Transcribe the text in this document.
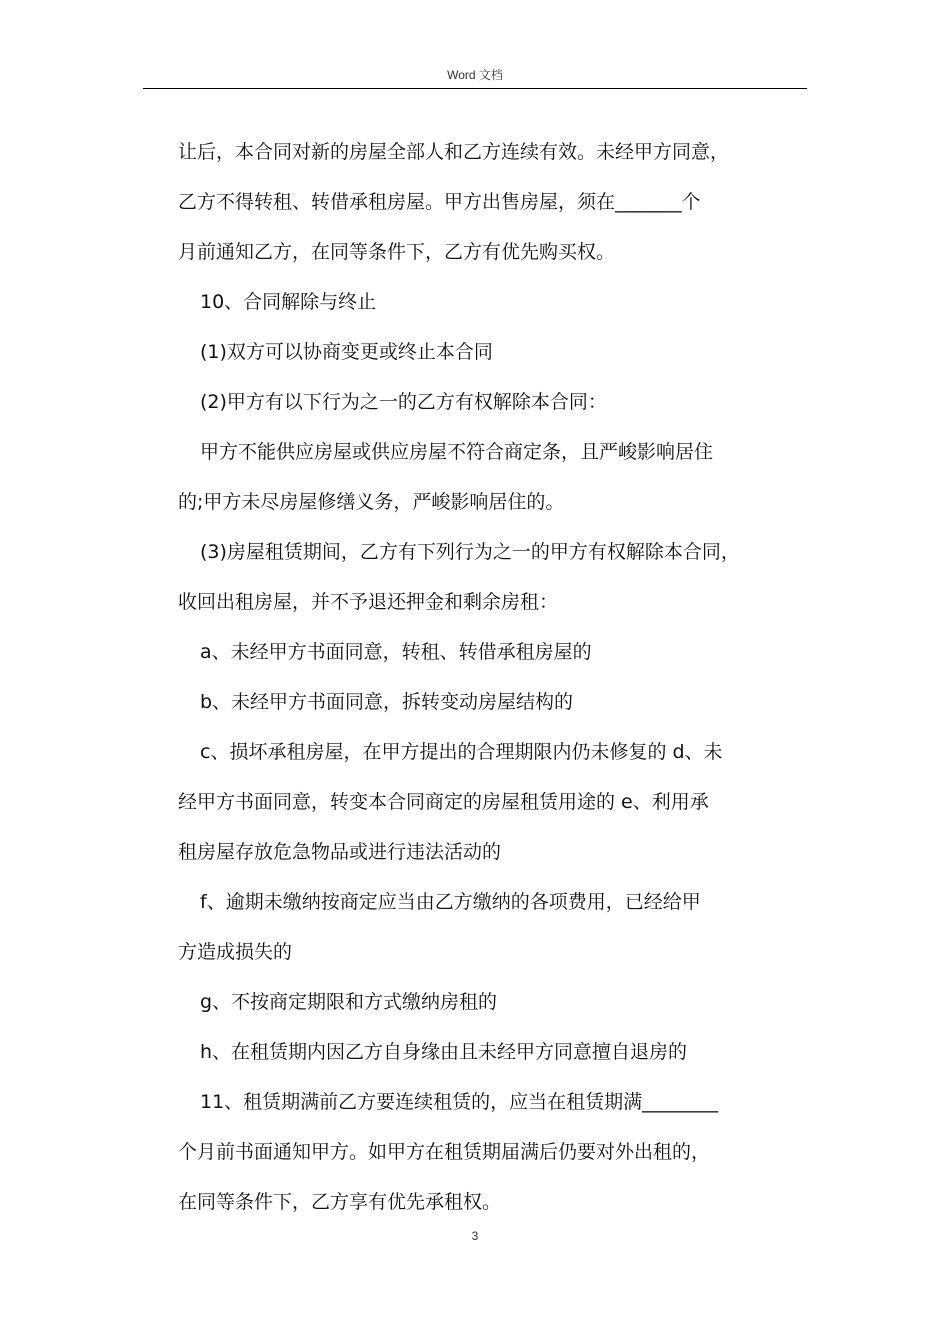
Word 文档
让后，本合同对新的房屋全部人和乙方连续有效。未经甲方同意，
乙方不得转租、转借承租房屋。甲方出售房屋，须在_______个
月前通知乙方，在同等条件下，乙方有优先购买权。
10、合同解除与终止
(1)双方可以协商变更或终止本合同
(2)甲方有以下行为之一的乙方有权解除本合同：
甲方不能供应房屋或供应房屋不符合商定条，且严峻影响居住
的;甲方未尽房屋修缮义务，严峻影响居住的。
(3)房屋租赁期间，乙方有下列行为之一的甲方有权解除本合同，
收回出租房屋，并不予退还押金和剩余房租：
a、未经甲方书面同意，转租、转借承租房屋的
b、未经甲方书面同意，拆转变动房屋结构的
c、损坏承租房屋，在甲方提出的合理期限内仍未修复的 d、未
经甲方书面同意，转变本合同商定的房屋租赁用途的 e、利用承
租房屋存放危急物品或进行违法活动的
f、逾期未缴纳按商定应当由乙方缴纳的各项费用，已经给甲
方造成损失的
g、不按商定期限和方式缴纳房租的
h、在租赁期内因乙方自身缘由且未经甲方同意擅自退房的
11、租赁期满前乙方要连续租赁的，应当在租赁期满________
个月前书面通知甲方。如甲方在租赁期届满后仍要对外出租的，
在同等条件下，乙方享有优先承租权。
3
